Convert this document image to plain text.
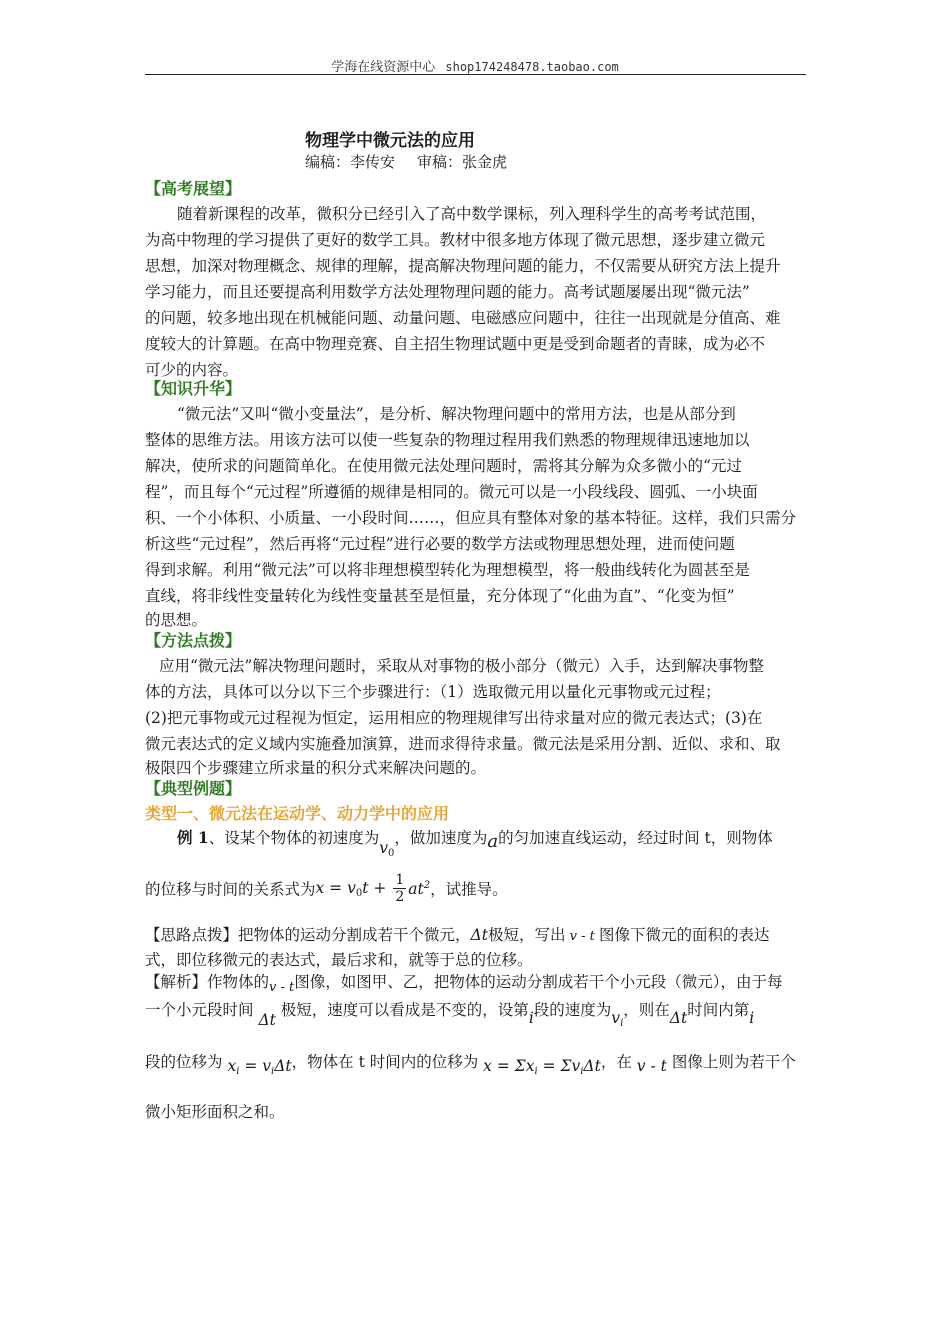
学海在线资源中心 shop174248478.taobao.com
物理学中微元法的应用
编稿：李传安 审稿：张金虎
【高考展望】
随着新课程的改革，微积分已经引入了高中数学课标，列入理科学生的高考考试范围，
为高中物理的学习提供了更好的数学工具。教材中很多地方体现了微元思想，逐步建立微元
思想，加深对物理概念、规律的理解，提高解决物理问题的能力，不仅需要从研究方法上提升
学习能力，而且还要提高利用数学方法处理物理问题的能力。高考试题屡屡出现“微元法”
的问题，较多地出现在机械能问题、动量问题、电磁感应问题中，往往一出现就是分值高、难
度较大的计算题。在高中物理竞赛、自主招生物理试题中更是受到命题者的青睐，成为必不
可少的内容。
【知识升华】
“微元法”又叫“微小变量法”，是分析、解决物理问题中的常用方法，也是从部分到
整体的思维方法。用该方法可以使一些复杂的物理过程用我们熟悉的物理规律迅速地加以
解决，使所求的问题简单化。在使用微元法处理问题时，需将其分解为众多微小的“元过
程”，而且每个“元过程”所遵循的规律是相同的。微元可以是一小段线段、圆弧、一小块面
积、一个小体积、小质量、一小段时间……，但应具有整体对象的基本特征。这样，我们只需分
析这些“元过程”，然后再将“元过程”进行必要的数学方法或物理思想处理，进而使问题
得到求解。利用“微元法”可以将非理想模型转化为理想模型，将一般曲线转化为圆甚至是
直线，将非线性变量转化为线性变量甚至是恒量，充分体现了“化曲为直”、“化变为恒”
的思想。
【方法点拨】
应用“微元法”解决物理问题时，采取从对事物的极小部分（微元）入手，达到解决事物整
体的方法，具体可以分以下三个步骤进行：（1）选取微元用以量化元事物或元过程；
(2)把元事物或元过程视为恒定，运用相应的物理规律写出待求量对应的微元表达式；(3)在
微元表达式的定义域内实施叠加演算，进而求得待求量。微元法是采用分割、近似、求和、取
极限四个步骤建立所求量的积分式来解决问题的。
【典型例题】
类型一、微元法在运动学、动力学中的应用
例 1、设某个物体的初速度为v0，做加速度为a的匀加速直线运动，经过时间 t，则物体
的位移与时间的关系式为$x = v0t + \frac{1}{2} at^2$，试推导。
【思路点拨】把物体的运动分割成若干个微元，Δt极短，写出 v - t 图像下微元的面积的表达
式，即位移微元的表达式，最后求和，就等于总的位移。
【解析】作物体的$_{v - t}$图像，如图甲、乙，把物体的运动分割成若干个小元段（微元），由于每
一个小元段时间 Δt 极短，速度可以看成是不变的，设第i段的速度为vi，则在Δt时间内第i
段的位移为 xi = viΔt，物体在 t 时间内的位移为 x = Σxi = ΣviΔt，在 v - t 图像上则为若干个
微小矩形面积之和。
